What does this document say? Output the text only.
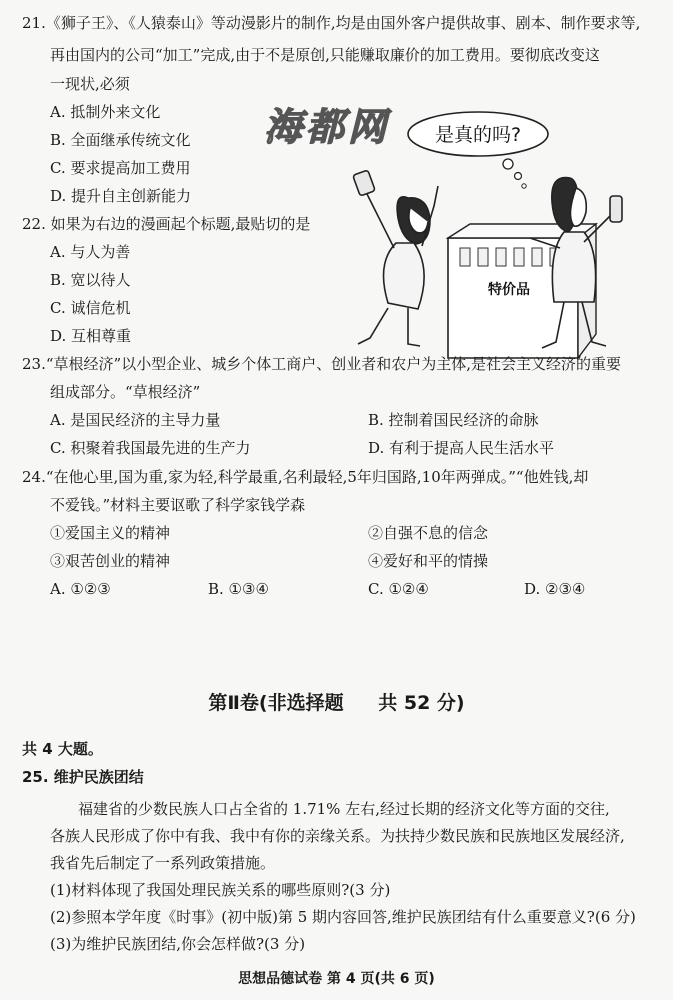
21.《狮子王》、《人猿泰山》等动漫影片的制作,均是由国外客户提供故事、剧本、制作要求等,
再由国内的公司“加工”完成,由于不是原创,只能赚取廉价的加工费用。要彻底改变这
一现状,必须
A. 抵制外来文化
B. 全面继承传统文化
C. 要求提高加工费用
D. 提升自主创新能力
22. 如果为右边的漫画起个标题,最贴切的是
A. 与人为善
B. 宽以待人
C. 诚信危机
D. 互相尊重
海都网 是真的吗?
特价品
23.“草根经济”以小型企业、城乡个体工商户、创业者和农户为主体,是社会主义经济的重要
组成部分。“草根经济”
A. 是国民经济的主导力量	B. 控制着国民经济的命脉
C. 积聚着我国最先进的生产力	D. 有利于提高人民生活水平
24.“在他心里,国为重,家为轻,科学最重,名利最轻,5年归国路,10年两弹成。”“他姓钱,却
不爱钱。”材料主要讴歌了科学家钱学森
①爱国主义的精神	②自强不息的信念
③艰苦创业的精神	④爱好和平的情操
A. ①②③	B. ①③④	C. ①②④	D. ②③④
第Ⅱ卷(非选择题 共 52 分)
共 4 大题。
25. 维护民族团结
福建省的少数民族人口占全省的 1.71% 左右,经过长期的经济文化等方面的交往,
各族人民形成了你中有我、我中有你的亲缘关系。为扶持少数民族和民族地区发展经济,
我省先后制定了一系列政策措施。
(1)材料体现了我国处理民族关系的哪些原则?(3 分)
(2)参照本学年度《时事》(初中版)第 5 期内容回答,维护民族团结有什么重要意义?(6 分)
(3)为维护民族团结,你会怎样做?(3 分)
思想品德试卷 第 4 页(共 6 页)
